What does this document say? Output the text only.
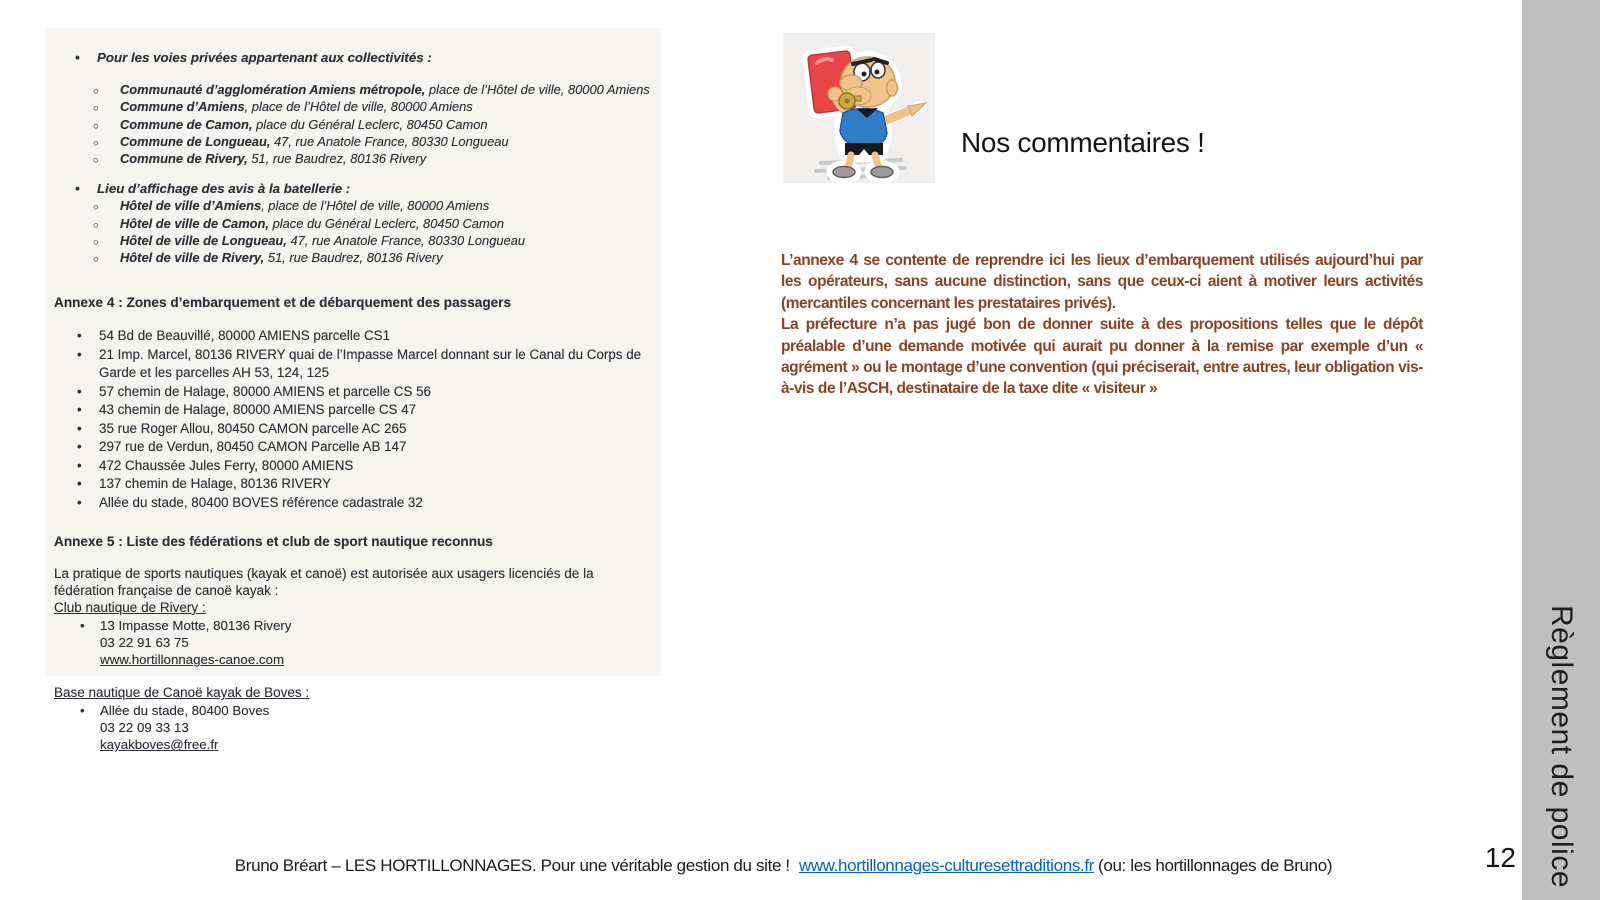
• Pour les voies privées appartenant aux collectivités :
○ Communauté d’agglomération Amiens métropole, place de l’Hôtel de ville, 80000 Amiens
○ Commune d’Amiens, place de l’Hôtel de ville, 80000 Amiens
○ Commune de Camon, place du Général Leclerc, 80450 Camon
○ Commune de Longueau, 47, rue Anatole France, 80330 Longueau
○ Commune de Rivery, 51, rue Baudrez, 80136 Rivery
• Lieu d’affichage des avis à la batellerie :
○ Hôtel de ville d’Amiens, place de l’Hôtel de ville, 80000 Amiens
○ Hôtel de ville de Camon, place du Général Leclerc, 80450 Camon
○ Hôtel de ville de Longueau, 47, rue Anatole France, 80330 Longueau
○ Hôtel de ville de Rivery, 51, rue Baudrez, 80136 Rivery
Annexe 4 : Zones d’embarquement et de débarquement des passagers
• 54 Bd de Beauvillé, 80000 AMIENS parcelle CS1
• 21 Imp. Marcel, 80136 RIVERY quai de l’Impasse Marcel donnant sur le Canal du Corps de Garde et les parcelles AH 53, 124, 125
• 57 chemin de Halage, 80000 AMIENS et parcelle CS 56
• 43 chemin de Halage, 80000 AMIENS parcelle CS 47
• 35 rue Roger Allou, 80450 CAMON parcelle AC 265
• 297 rue de Verdun, 80450 CAMON Parcelle AB 147
• 472 Chaussée Jules Ferry, 80000 AMIENS
• 137 chemin de Halage, 80136 RIVERY
• Allée du stade, 80400 BOVES référence cadastrale 32
Annexe 5 : Liste des fédérations et club de sport nautique reconnus
La pratique de sports nautiques (kayak et canoë) est autorisée aux usagers licenciés de la fédération française de canoë kayak :
Club nautique de Rivery :
• 13 Impasse Motte, 80136 Rivery
03 22 91 63 75
www.hortillonnages-canoe.com
Base nautique de Canoë kayak de Boves :
• Allée du stade, 80400 Boves
03 22 09 33 13
kayakboves@free.fr
Nos commentaires !

L’annexe 4 se contente de reprendre ici les lieux d’embarquement utilisés aujourd’hui par les opérateurs, sans aucune distinction, sans que ceux-ci aient à motiver leurs activités (mercantiles concernant les prestataires privés).

La préfecture n’a pas jugé bon de donner suite à des propositions telles que le dépôt préalable d’une demande motivée qui aurait pu donner à la remise par exemple d’un « agrément » ou le montage d’une convention (qui préciserait, entre autres, leur obligation vis-à-vis de l’ASCH, destinataire de la taxe dite « visiteur »

Bruno Bréart – LES HORTILLONNAGES. Pour une véritable gestion du site ! www.hortillonnages-culturesettraditions.fr (ou: les hortillonnages de Bruno)	12 Règlement de police
